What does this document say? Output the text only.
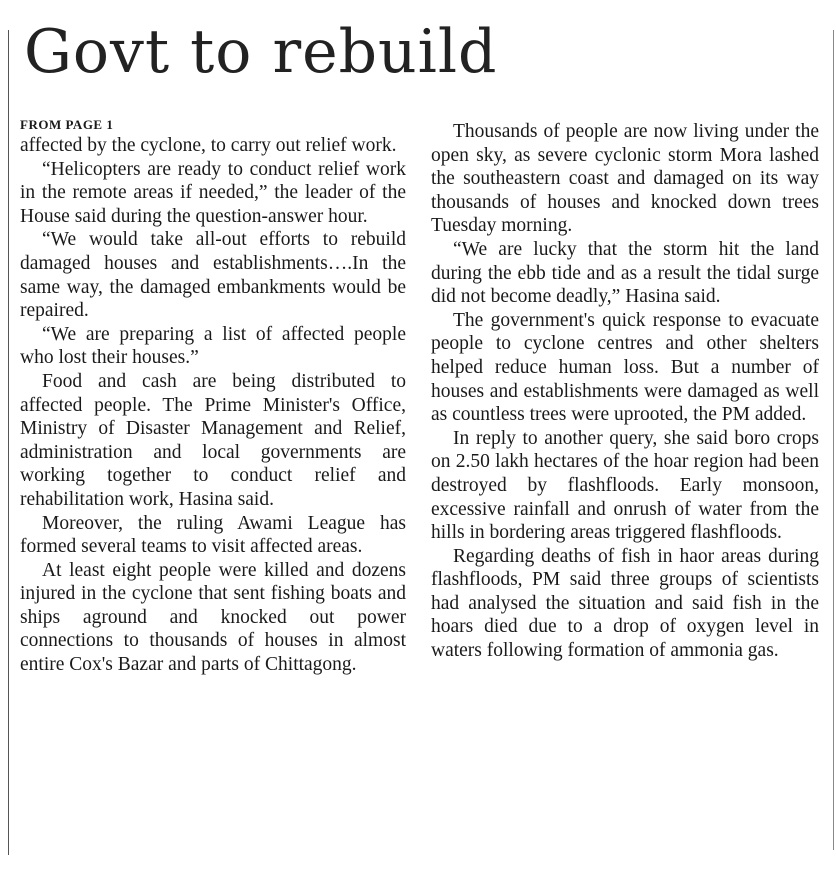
Govt to rebuild
FROM PAGE 1

affected by the cyclone, to carry out relief work.

“Helicopters are ready to conduct relief work in the remote areas if needed,” the leader of the House said during the question-answer hour.

“We would take all-out efforts to rebuild damaged houses and establishments….In the same way, the damaged embankments would be repaired.

“We are preparing a list of affected people who lost their houses.”

Food and cash are being distributed to affected people. The Prime Minister's Office, Ministry of Disaster Management and Relief, administration and local governments are working together to conduct relief and rehabilitation work, Hasina said.

Moreover, the ruling Awami League has formed several teams to visit affected areas.

At least eight people were killed and dozens injured in the cyclone that sent fishing boats and ships aground and knocked out power connections to thousands of houses in almost entire Cox's Bazar and parts of Chittagong.

Thousands of people are now living under the open sky, as severe cyclonic storm Mora lashed the southeastern coast and damaged on its way thousands of houses and knocked down trees Tuesday morning.

“We are lucky that the storm hit the land during the ebb tide and as a result the tidal surge did not become deadly,” Hasina said.

The government's quick response to evacuate people to cyclone centres and other shelters helped reduce human loss. But a number of houses and establishments were damaged as well as countless trees were uprooted, the PM added.

In reply to another query, she said boro crops on 2.50 lakh hectares of the hoar region had been destroyed by flashfloods. Early monsoon, excessive rainfall and onrush of water from the hills in bordering areas triggered flashfloods.

Regarding deaths of fish in haor areas during flashfloods, PM said three groups of scientists had analysed the situation and said fish in the hoars died due to a drop of oxygen level in waters following formation of ammonia gas.
